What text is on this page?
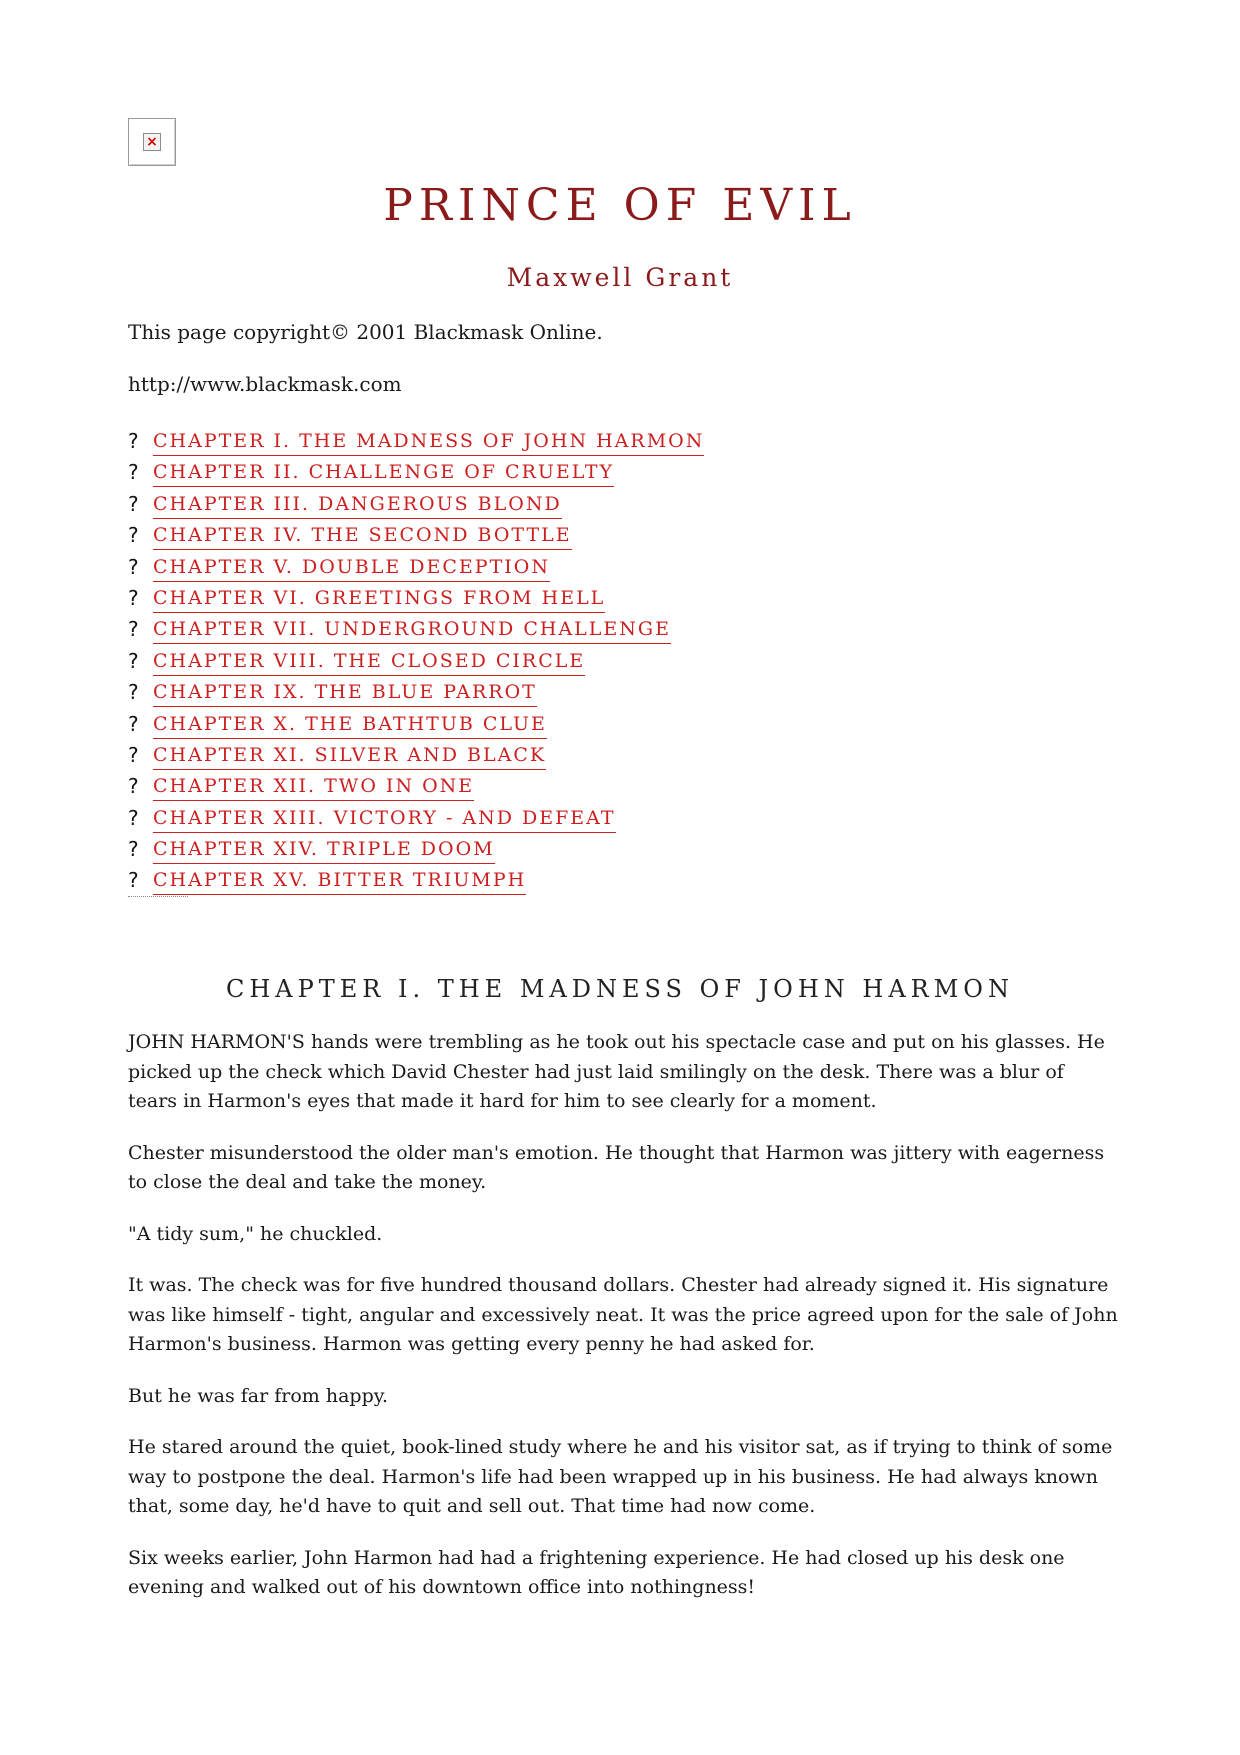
×
PRINCE OF EVIL

Maxwell Grant

This page copyright© 2001 Blackmask Online.

http://www.blackmask.com

? CHAPTER I. THE MADNESS OF JOHN HARMON
? CHAPTER II. CHALLENGE OF CRUELTY
? CHAPTER III. DANGEROUS BLOND
? CHAPTER IV. THE SECOND BOTTLE
? CHAPTER V. DOUBLE DECEPTION
? CHAPTER VI. GREETINGS FROM HELL
? CHAPTER VII. UNDERGROUND CHALLENGE
? CHAPTER VIII. THE CLOSED CIRCLE
? CHAPTER IX. THE BLUE PARROT
? CHAPTER X. THE BATHTUB CLUE
? CHAPTER XI. SILVER AND BLACK
? CHAPTER XII. TWO IN ONE
? CHAPTER XIII. VICTORY - AND DEFEAT
? CHAPTER XIV. TRIPLE DOOM
? CHAPTER XV. BITTER TRIUMPH
CHAPTER I. THE MADNESS OF JOHN HARMON

JOHN HARMON'S hands were trembling as he took out his spectacle case and put on his glasses. He picked up the check which David Chester had just laid smilingly on the desk. There was a blur of tears in Harmon's eyes that made it hard for him to see clearly for a moment.

Chester misunderstood the older man's emotion. He thought that Harmon was jittery with eagerness to close the deal and take the money.

"A tidy sum," he chuckled.

It was. The check was for five hundred thousand dollars. Chester had already signed it. His signature was like himself - tight, angular and excessively neat. It was the price agreed upon for the sale of John Harmon's business. Harmon was getting every penny he had asked for.

But he was far from happy.

He stared around the quiet, book-lined study where he and his visitor sat, as if trying to think of some way to postpone the deal. Harmon's life had been wrapped up in his business. He had always known that, some day, he'd have to quit and sell out. That time had now come.

Six weeks earlier, John Harmon had had a frightening experience. He had closed up his desk one evening and walked out of his downtown office into nothingness!
